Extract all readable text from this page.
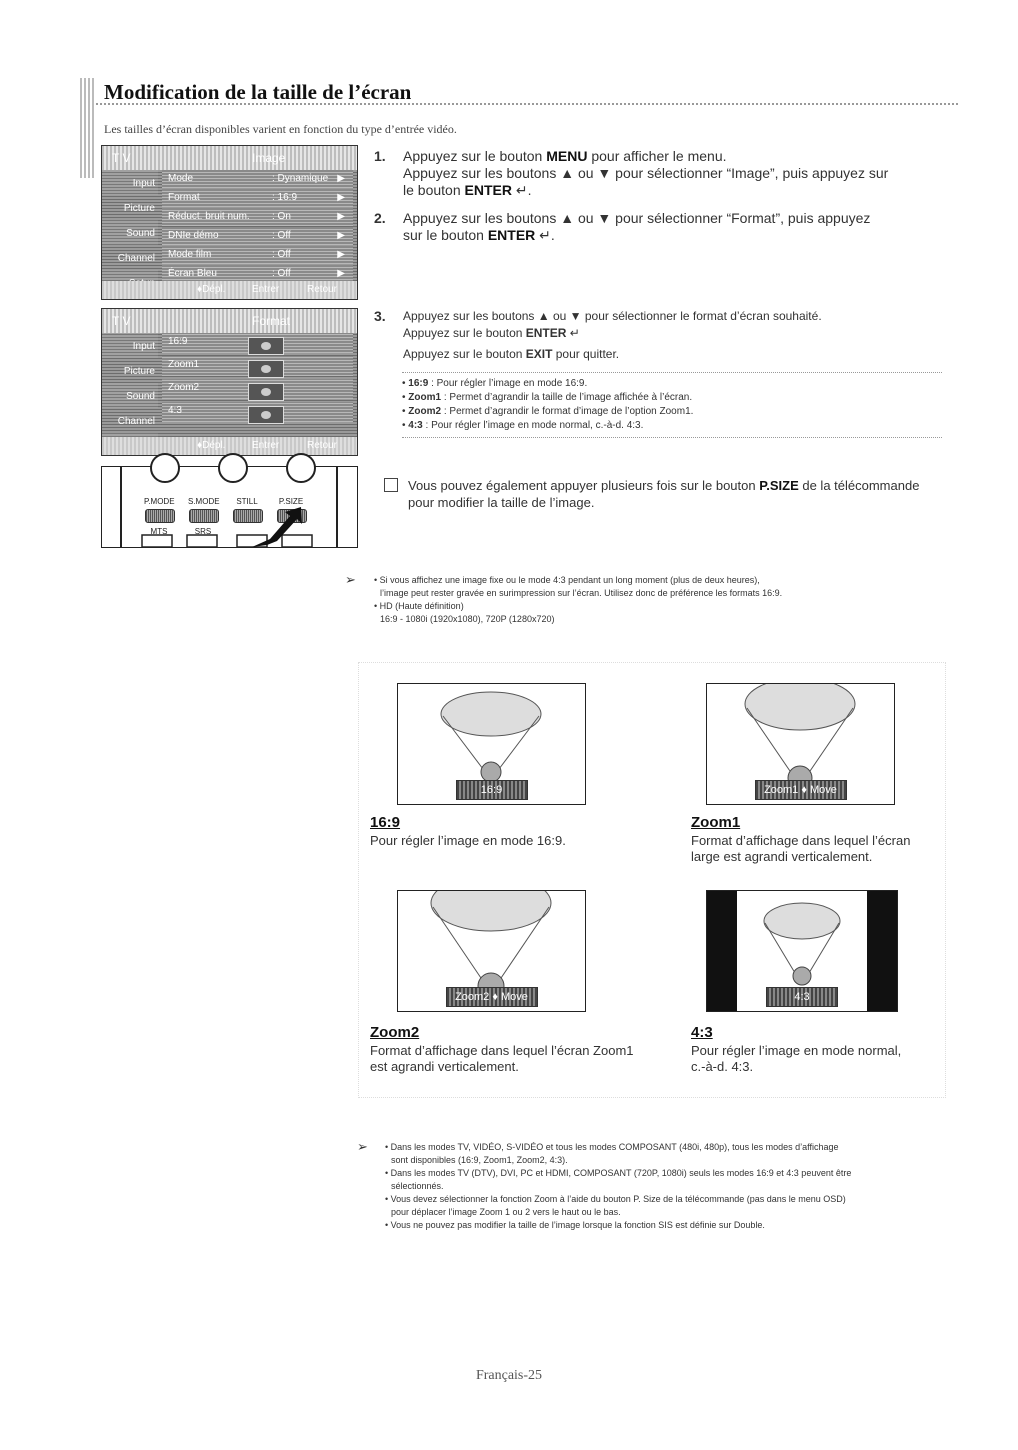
Modification de la taille de l’écran
Les tailles d’écran disponibles varient en fonction du type d’entrée vidéo.
T V	Image
Input
Picture
Sound
Channel
Mode	: Dynamique ▶
Format	: 16:9	▶
Réduct. bruit num. : On	▶
DNIe démo	: Off	▶
Mode film	: Off	▶
Écran Bleu	: Off	▶
♦Dépl.	Entrer	Retour
T V	Format
Input
Picture
Sound
Channel
16:9
Zoom1
Zoom2
4:3
♦Dépl.	Entrer	Retour
P.MODE S.MODE	STILL	P.SIZE
MTS	SRS
1. Appuyez sur le bouton MENU pour afficher le menu.
Appuyez sur les boutons ▲ ou ▼ pour sélectionner “Image”, puis appuyez sur
le bouton ENTER ↵.
2. Appuyez sur les boutons ▲ ou ▼ pour sélectionner “Format”, puis appuyez
sur le bouton ENTER ↵.
3. Appuyez sur les boutons ▲ ou ▼ pour sélectionner le format d’écran souhaité.
Appuyez sur le bouton ENTER ↵
Appuyez sur le bouton EXIT pour quitter.
• 16:9 : Pour régler l’image en mode 16:9.
• Zoom1 : Permet d’agrandir la taille de l’image affichée à l’écran.
• Zoom2 : Permet d’agrandir le format d’image de l’option Zoom1.
• 4:3 : Pour régler l’image en mode normal, c.-à-d. 4:3.
Vous pouvez également appuyer plusieurs fois sur le bouton P.SIZE de la télécommande
pour modifier la taille de l’image.
➢ • Si vous affichez une image fixe ou le mode 4:3 pendant un long moment (plus de deux heures),
l’image peut rester gravée en surimpression sur l’écran. Utilisez donc de préférence les formats 16:9.
• HD (Haute définition)
16:9 - 1080i (1920x1080), 720P (1280x720)
16:9
16:9
Pour régler l’image en mode 16:9.
Zoom1 ♦ Move
Zoom1
Format d’affichage dans lequel l’écran
large est agrandi verticalement.
Zoom2 ♦ Move
Zoom2
Format d’affichage dans lequel l’écran Zoom1
est agrandi verticalement.
4:3
4:3
Pour régler l’image en mode normal,
c.-à-d. 4:3.
➢ • Dans les modes TV, VIDÉO, S-VIDÉO et tous les modes COMPOSANT (480i, 480p), tous les modes d’affichage
sont disponibles (16:9, Zoom1, Zoom2, 4:3).
• Dans les modes TV (DTV), DVI, PC et HDMI, COMPOSANT (720P, 1080i) seuls les modes 16:9 et 4:3 peuvent être
sélectionnés.
• Vous devez sélectionner la fonction Zoom à l’aide du bouton P. Size de la télécommande (pas dans le menu OSD)
pour déplacer l’image Zoom 1 ou 2 vers le haut ou le bas.
• Vous ne pouvez pas modifier la taille de l’image lorsque la fonction SIS est définie sur Double.
Français-25
